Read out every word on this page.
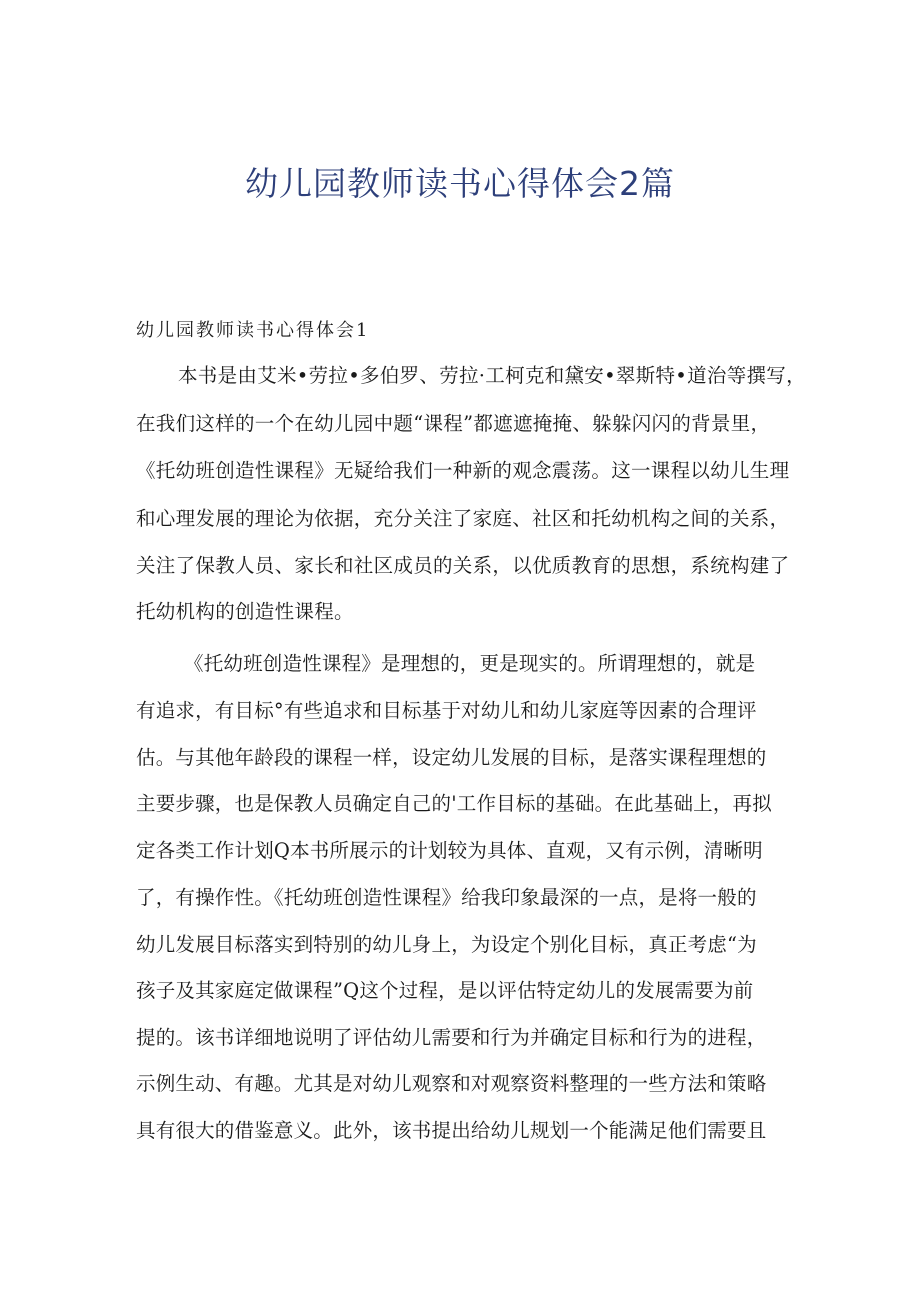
幼儿园教师读书心得体会2篇
幼儿园教师读书心得体会1
本书是由艾米•劳拉•多伯罗、劳拉·工柯克和黛安•翠斯特•道治等撰写，
在我们这样的一个在幼儿园中题“课程”都遮遮掩掩、躲躲闪闪的背景里，
《托幼班创造性课程》无疑给我们一种新的观念震荡。这一课程以幼儿生理
和心理发展的理论为依据，充分关注了家庭、社区和托幼机构之间的关系，
关注了保教人员、家长和社区成员的关系，以优质教育的思想，系统构建了
托幼机构的创造性课程。
《托幼班创造性课程》是理想的，更是现实的。所谓理想的，就是
有追求，有目标°有些追求和目标基于对幼儿和幼儿家庭等因素的合理评
估。与其他年龄段的课程一样，设定幼儿发展的目标，是落实课程理想的
主要步骤，也是保教人员确定自己的'工作目标的基础。在此基础上，再拟
定各类工作计划Q本书所展示的计划较为具体、直观，又有示例，清晰明
了，有操作性。《托幼班创造性课程》给我印象最深的一点，是将一般的
幼儿发展目标落实到特别的幼儿身上，为设定个别化目标，真正考虑“为
孩子及其家庭定做课程”Q这个过程，是以评估特定幼儿的发展需要为前
提的。该书详细地说明了评估幼儿需要和行为并确定目标和行为的进程，
示例生动、有趣。尤其是对幼儿观察和对观察资料整理的一些方法和策略
具有很大的借鉴意义。此外，该书提出给幼儿规划一个能满足他们需要且
